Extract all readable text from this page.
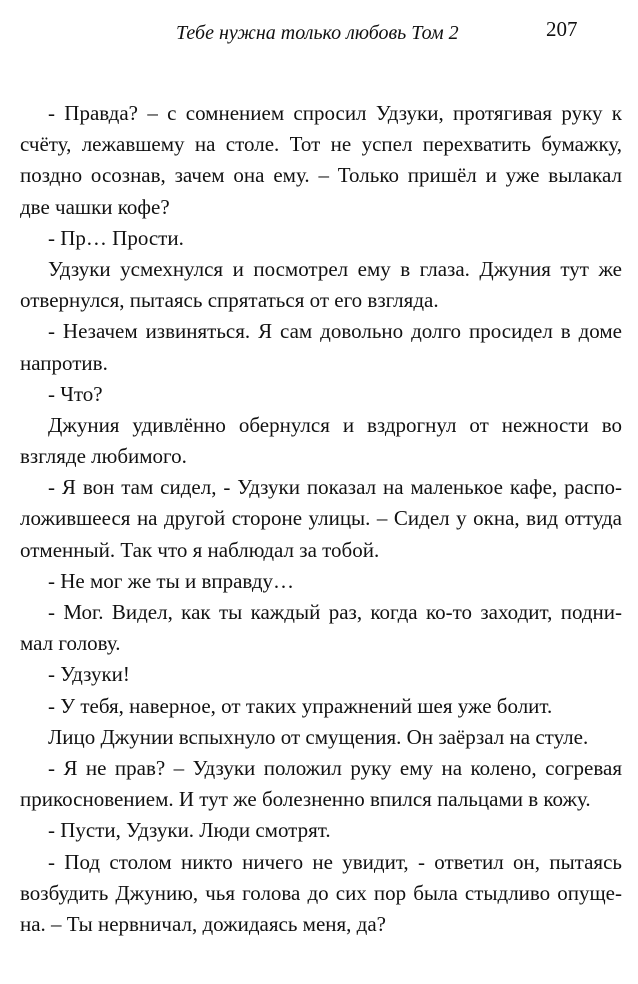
Тебе нужна только любовь Том 2	207
- Правда? – с сомнением спросил Удзуки, протягивая руку к
счёту, лежавшему на столе. Тот не успел перехватить бумажку,
поздно осознав, зачем она ему. – Только пришёл и уже вылакал
две чашки кофе?
- Пр… Прости.
Удзуки усмехнулся и посмотрел ему в глаза. Джуния тут же
отвернулся, пытаясь спрятаться от его взгляда.
- Незачем извиняться. Я сам довольно долго просидел в доме
напротив.
- Что?
Джуния удивлённо обернулся и вздрогнул от нежности во
взгляде любимого.
- Я вон там сидел, - Удзуки показал на маленькое кафе, распо-
ложившееся на другой стороне улицы. – Сидел у окна, вид оттуда
отменный. Так что я наблюдал за тобой.
- Не мог же ты и вправду…
- Мог. Видел, как ты каждый раз, когда ко-то заходит, подни-
мал голову.
- Удзуки!
- У тебя, наверное, от таких упражнений шея уже болит.
Лицо Джунии вспыхнуло от смущения. Он заёрзал на стуле.
- Я не прав? – Удзуки положил руку ему на колено, согревая
прикосновением. И тут же болезненно впился пальцами в кожу.
- Пусти, Удзуки. Люди смотрят.
- Под столом никто ничего не увидит, - ответил он, пытаясь
возбудить Джунию, чья голова до сих пор была стыдливо опуще-
на. – Ты нервничал, дожидаясь меня, да?
